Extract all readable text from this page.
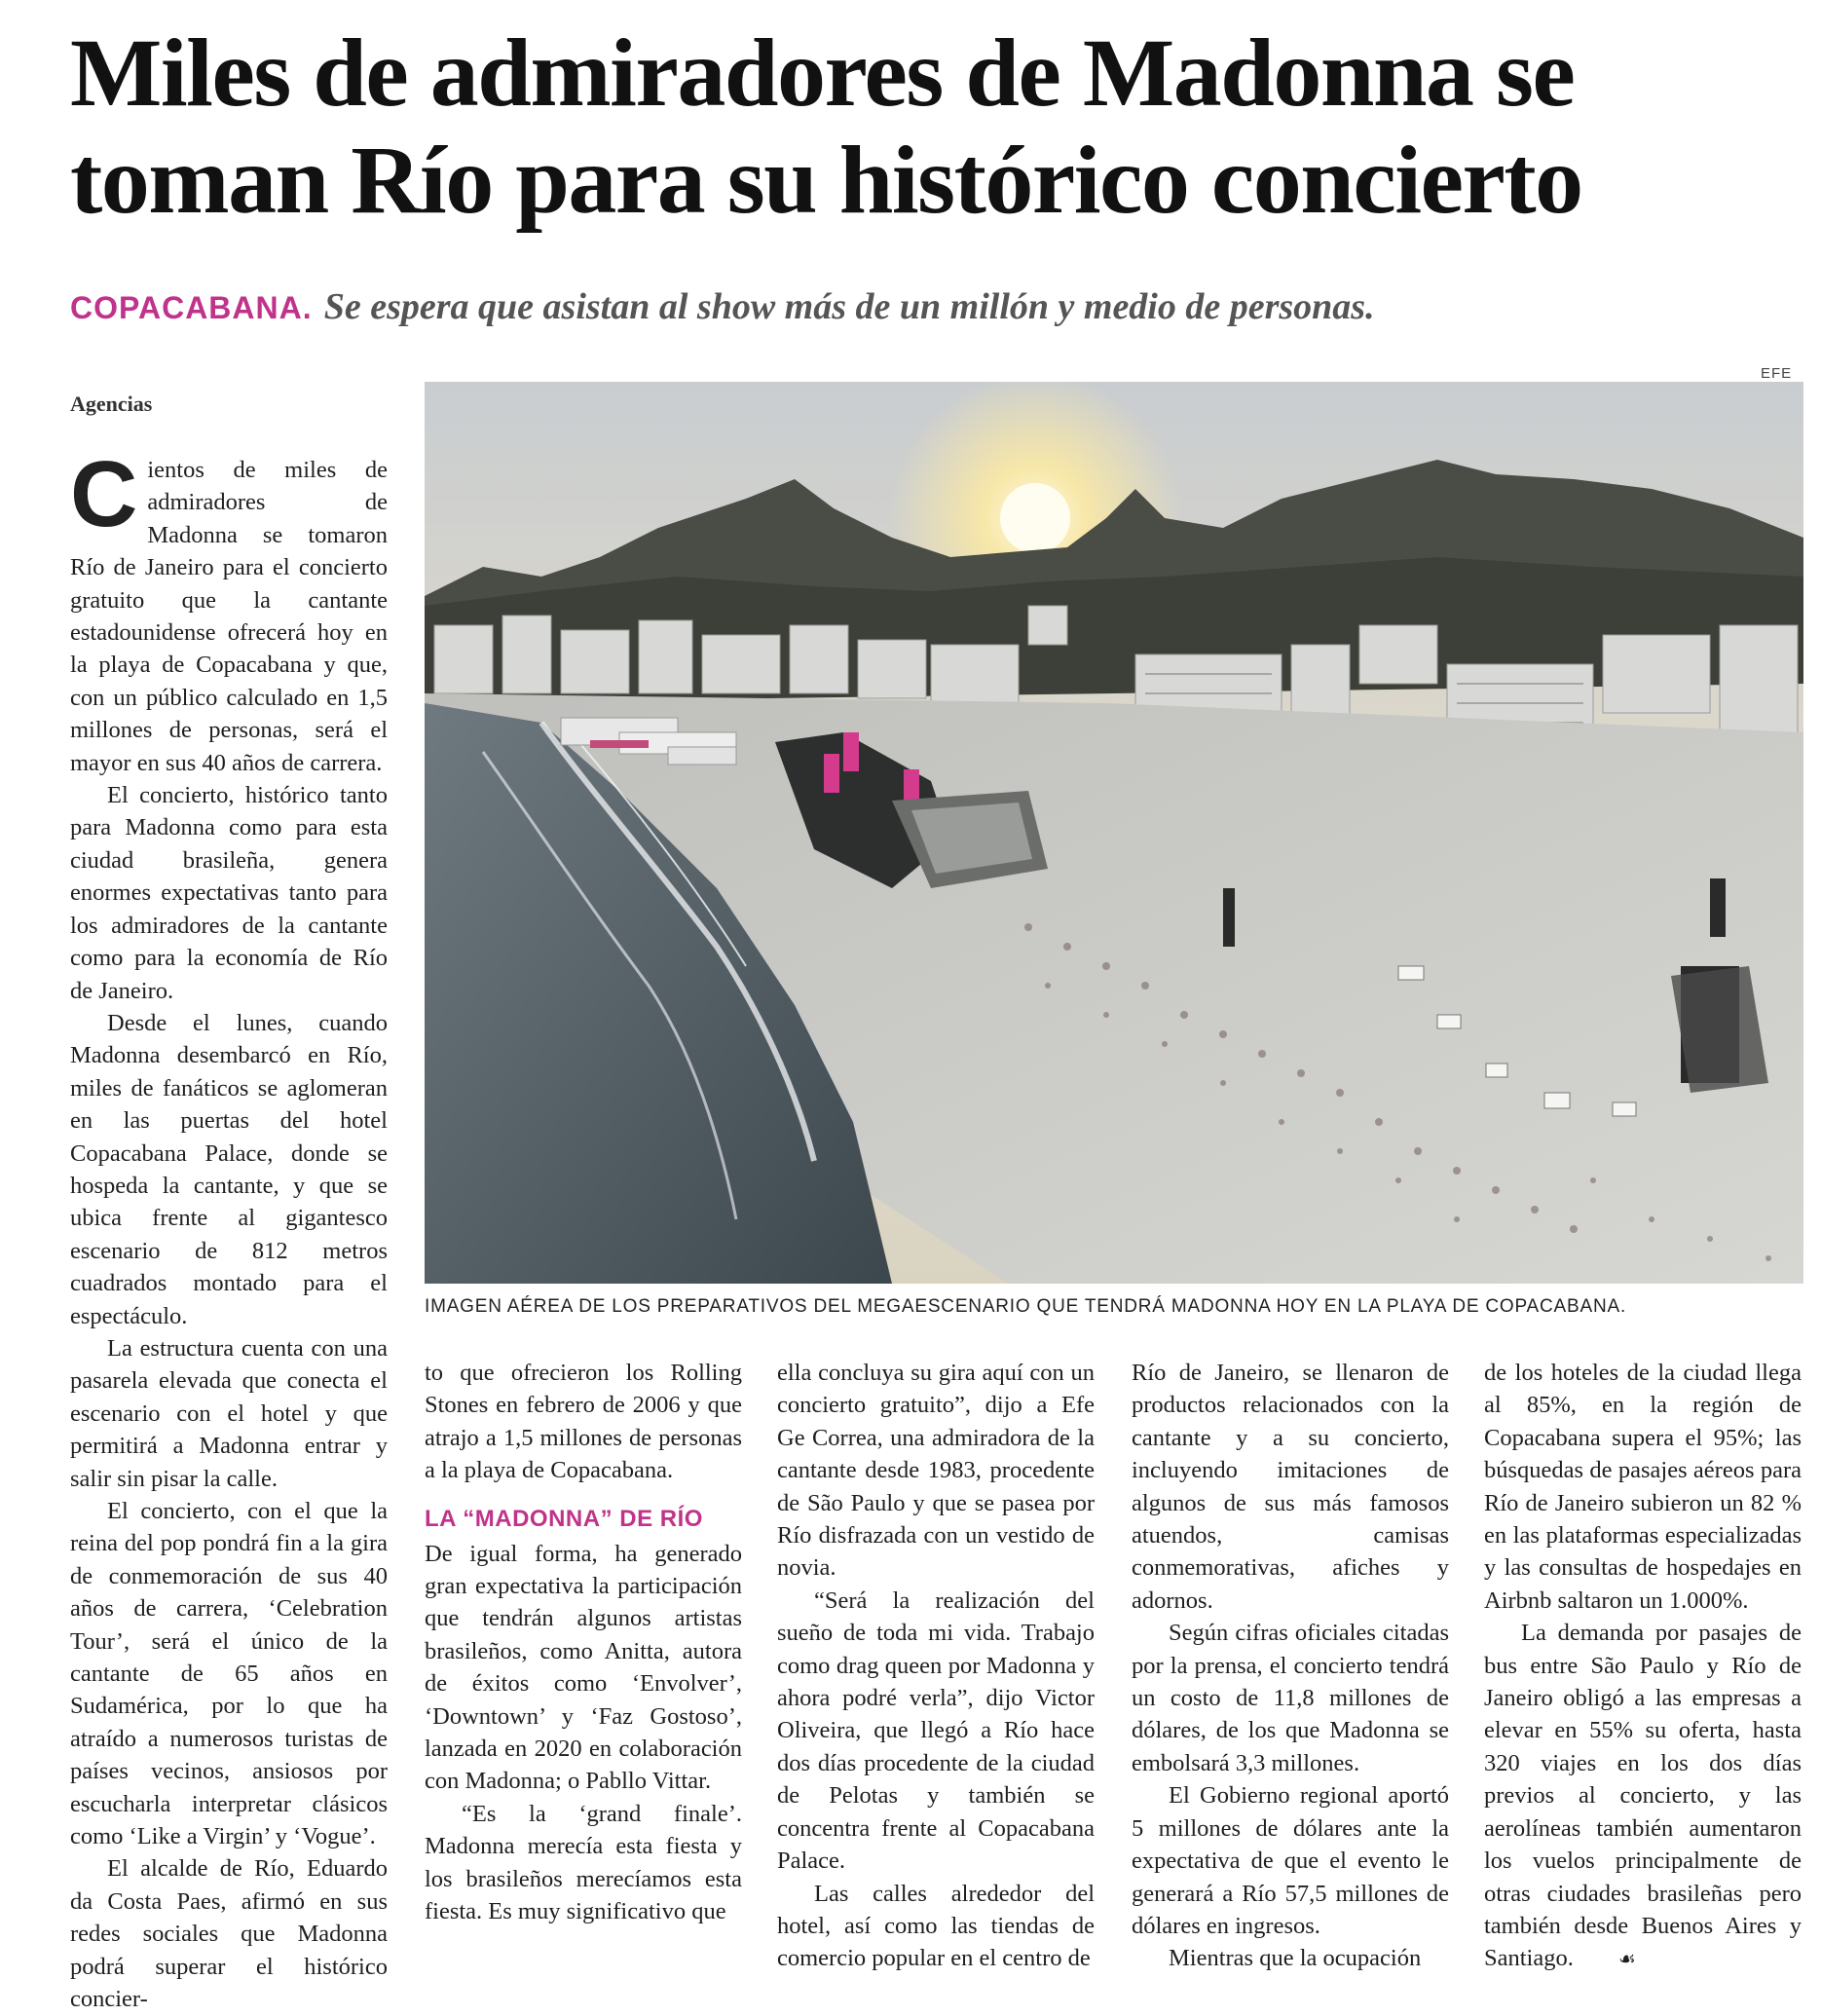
Miles de admiradores de Madonna se toman Río para su histórico concierto
COPACABANA. Se espera que asistan al show más de un millón y medio de personas.
EFE
IMAGEN AÉREA DE LOS PREPARATIVOS DEL MEGAESCENARIO QUE TENDRÁ MADONNA HOY EN LA PLAYA DE COPACABANA.
Agencias

Cientos de miles de admiradores de Madonna se tomaron Río de Janeiro para el concierto gratuito que la cantante estadounidense ofrecerá hoy en la playa de Copacabana y que, con un público calculado en 1,5 millones de personas, será el mayor en sus 40 años de carrera.

El concierto, histórico tanto para Madonna como para esta ciudad brasileña, genera enormes expectativas tanto para los admiradores de la cantante como para la economía de Río de Janeiro.

Desde el lunes, cuando Madonna desembarcó en Río, miles de fanáticos se aglomeran en las puertas del hotel Copacabana Palace, donde se hospeda la cantante, y que se ubica frente al gigantesco escenario de 812 metros cuadrados montado para el espectáculo.

La estructura cuenta con una pasarela elevada que conecta el escenario con el hotel y que permitirá a Madonna entrar y salir sin pisar la calle.

El concierto, con el que la reina del pop pondrá fin a la gira de conmemoración de sus 40 años de carrera, ‘Celebration Tour’, será el único de la cantante de 65 años en Sudamérica, por lo que ha atraído a numerosos turistas de países vecinos, ansiosos por escucharla interpretar clásicos como ‘Like a Virgin’ y ‘Vogue’.

El alcalde de Río, Eduardo da Costa Paes, afirmó en sus redes sociales que Madonna podrá superar el histórico concier-

to que ofrecieron los Rolling Stones en febrero de 2006 y que atrajo a 1,5 millones de personas a la playa de Copacabana.

LA “MADONNA” DE RÍO

De igual forma, ha generado gran expectativa la participación que tendrán algunos artistas brasileños, como Anitta, autora de éxitos como ‘Envolver’, ‘Downtown’ y ‘Faz Gostoso’, lanzada en 2020 en colaboración con Madonna; o Pabllo Vittar.

“Es la ‘grand finale’. Madonna merecía esta fiesta y los brasileños merecíamos esta fiesta. Es muy significativo que

ella concluya su gira aquí con un concierto gratuito”, dijo a Efe Ge Correa, una admiradora de la cantante desde 1983, procedente de São Paulo y que se pasea por Río disfrazada con un vestido de novia.

“Será la realización del sueño de toda mi vida. Trabajo como drag queen por Madonna y ahora podré verla”, dijo Victor Oliveira, que llegó a Río hace dos días procedente de la ciudad de Pelotas y también se concentra frente al Copacabana Palace.

Las calles alrededor del hotel, así como las tiendas de comercio popular en el centro de

Río de Janeiro, se llenaron de productos relacionados con la cantante y a su concierto, incluyendo imitaciones de algunos de sus más famosos atuendos, camisas conmemorativas, afiches y adornos.

Según cifras oficiales citadas por la prensa, el concierto tendrá un costo de 11,8 millones de dólares, de los que Madonna se embolsará 3,3 millones.

El Gobierno regional aportó 5 millones de dólares ante la expectativa de que el evento le generará a Río 57,5 millones de dólares en ingresos.

Mientras que la ocupación

de los hoteles de la ciudad llega al 85%, en la región de Copacabana supera el 95%; las búsquedas de pasajes aéreos para Río de Janeiro subieron un 82 % en las plataformas especializadas y las consultas de hospedajes en Airbnb saltaron un 1.000%.

La demanda por pasajes de bus entre São Paulo y Río de Janeiro obligó a las empresas a elevar en 55% su oferta, hasta 320 viajes en los dos días previos al concierto, y las aerolíneas también aumentaron los vuelos principalmente de otras ciudades brasileñas pero también desde Buenos Aires y Santiago. ☙
